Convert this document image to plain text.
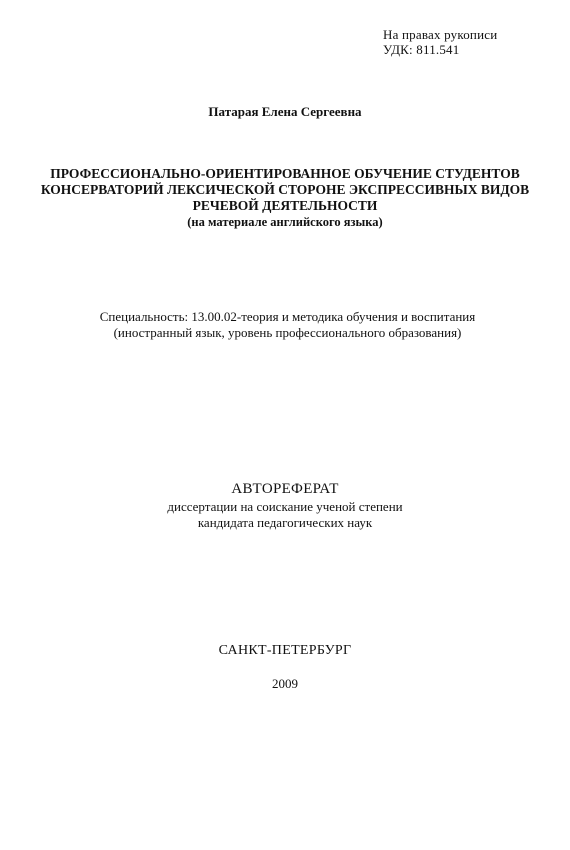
На правах рукописи
УДК: 811.541
Патарая Елена Сергеевна
ПРОФЕССИОНАЛЬНО-ОРИЕНТИРОВАННОЕ ОБУЧЕНИЕ СТУДЕНТОВ
КОНСЕРВАТОРИЙ ЛЕКСИЧЕСКОЙ СТОРОНЕ ЭКСПРЕССИВНЫХ ВИДОВ
РЕЧЕВОЙ ДЕЯТЕЛЬНОСТИ
(на материале английского языка)
Специальность: 13.00.02-теория и методика обучения и воспитания
(иностранный язык, уровень профессионального образования)
АВТОРЕФЕРАТ
диссертации на соискание ученой степени
кандидата педагогических наук
САНКТ-ПЕТЕРБУРГ
2009
